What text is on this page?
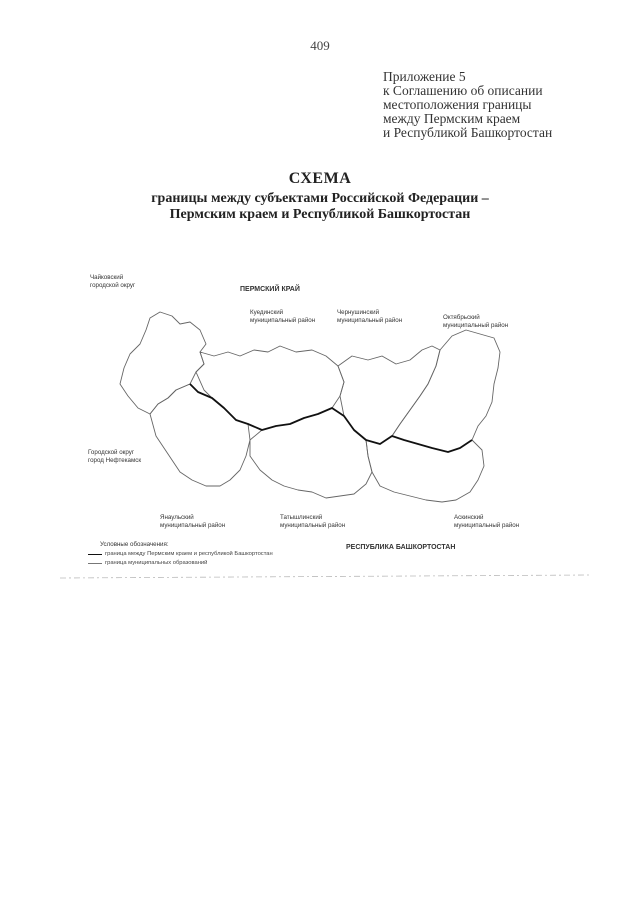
409
Приложение 5
к Соглашению об описании
местоположения границы
между Пермским краем
и Республикой Башкортостан
СХЕМА
границы между субъектами Российской Федерации –
Пермским краем и Республикой Башкортостан
ПЕРМСКИЙ КРАЙ
РЕСПУБЛИКА БАШКОРТОСТАН
Чайковский
городской округ
Куединский
муниципальный район
Чернушинский
муниципальный район	Октябрьский
муниципальный район
Городской округ
город Нефтекамск
Янаульский
муниципальный район
Татышлинский
муниципальный район
Аскинский
муниципальный район
Условные обозначения:
граница между Пермским краем и республикой Башкортостан
граница муниципальных образований
